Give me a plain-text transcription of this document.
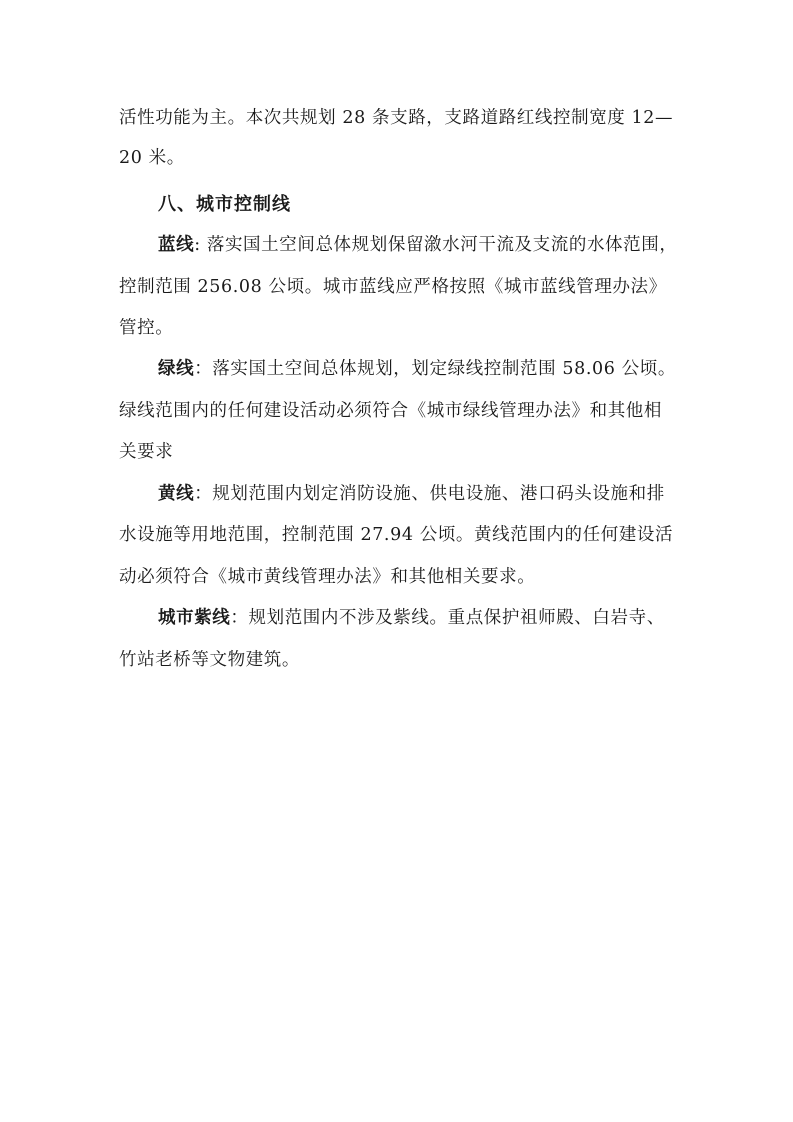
活性功能为主。本次共规划 28 条支路，支路道路红线控制宽度 12—
20 米。
八、城市控制线
蓝线: 落实国土空间总体规划保留漵水河干流及支流的水体范围，
控制范围 256.08 公顷。城市蓝线应严格按照《城市蓝线管理办法》
管控。
绿线：落实国土空间总体规划，划定绿线控制范围 58.06 公顷。
绿线范围内的任何建设活动必须符合《城市绿线管理办法》和其他相
关要求
黄线：规划范围内划定消防设施、供电设施、港口码头设施和排
水设施等用地范围，控制范围 27.94 公顷。黄线范围内的任何建设活
动必须符合《城市黄线管理办法》和其他相关要求。
城市紫线：规划范围内不涉及紫线。重点保护祖师殿、白岩寺、
竹站老桥等文物建筑。
